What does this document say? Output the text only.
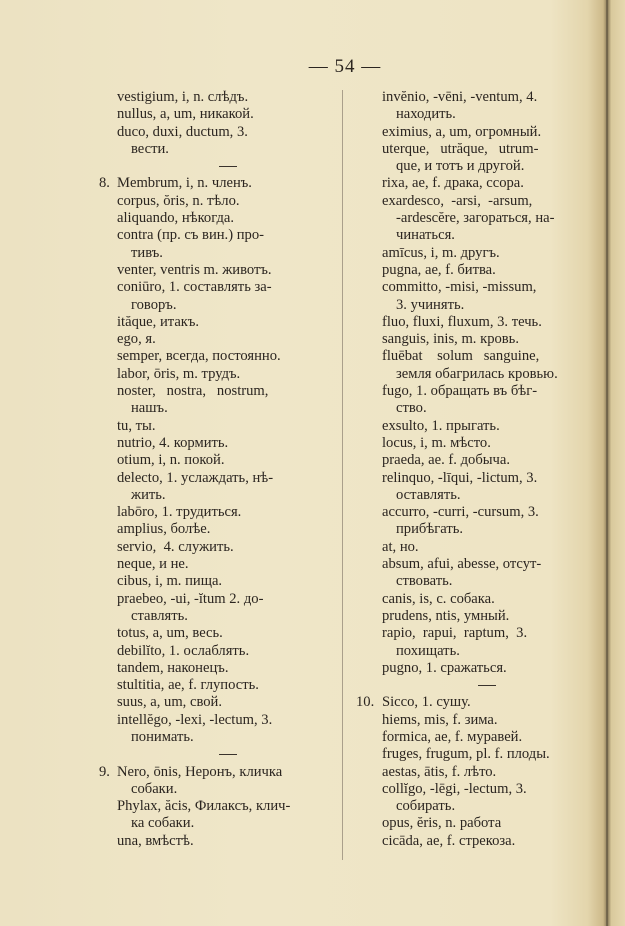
— 54 —
vestigium, i, n. слѣдъ.
nullus, a, um, никакой.
duco, duxi, ductum, 3.
вести.
8. Membrum, i, n. членъ.
corpus, ŏris, n. тѣло.
aliquando, нѣкогда.
contra (пр. съ вин.) про-
тивъ.
venter, ventris m. животъ.
coniūro, 1. составлять за-
говоръ.
ităque, итакъ.
ego, я.
semper, всегда, постоянно.
labor, ōris, m. трудъ.
noster,   nostra,   nostrum,
нашъ.
tu, ты.
nutrio, 4. кормить.
otium, i, n. покой.
delecto, 1. услаждать, нѣ-
жить.
labōro, 1. трудиться.
amplius, болѣе.
servio,  4. служить.
neque, и не.
cibus, i, m. пища.
praebeo, -ui, -ĭtum 2. до-
ставлять.
totus, a, um, весь.
debilĭto, 1. ослаблять.
tandem, наконецъ.
stultitia, ae, f. глупость.
suus, a, um, свой.
intellĕgo, -lexi, -lectum, 3.
понимать.
9. Nero, ōnis, Неронъ, кличка
собаки.
Phylax, ăcis, Филаксъ, клич-
ка собаки.
una, вмѣстѣ.
invĕnio, -vēni, -ventum, 4.
находить.
eximius, a, um, огромный.
uterque,   utrăque,   utrum-
que, и тотъ и другой.
rixa, ae, f. драка, ссора.
exardesco,  -arsi,  -arsum,
-ardescĕre, загораться, на-
чинаться.
amīcus, i, m. другъ.
pugna, ae, f. битва.
committo, -misi, -missum,
3. учинять.
fluo, fluxi, fluxum, 3. течь.
sanguis, inis, m. кровь.
fluēbat    solum   sanguine,
земля обагрилась кровью.
fugo, 1. обращать въ бѣг-
ство.
exsulto, 1. прыгать.
locus, i, m. мѣсто.
praeda, ae. f. добыча.
relinquo, -līqui, -lictum, 3.
оставлять.
accurro, -curri, -cursum, 3.
прибѣгать.
at, но.
absum, afui, abesse, отсут-
ствовать.
canis, is, c. собака.
prudens, ntis, умный.
rapio,  rapui,  raptum,  3.
похищать.
pugno, 1. сражаться.
10. Sicco, 1. сушу.
hiems, mis, f. зима.
formica, ae, f. муравей.
fruges, frugum, pl. f. плоды.
aestas, ātis, f. лѣто.
collĭgo, -lēgi, -lectum, 3.
собирать.
opus, ĕris, n. работа
cicāda, ae, f. стрекоза.
